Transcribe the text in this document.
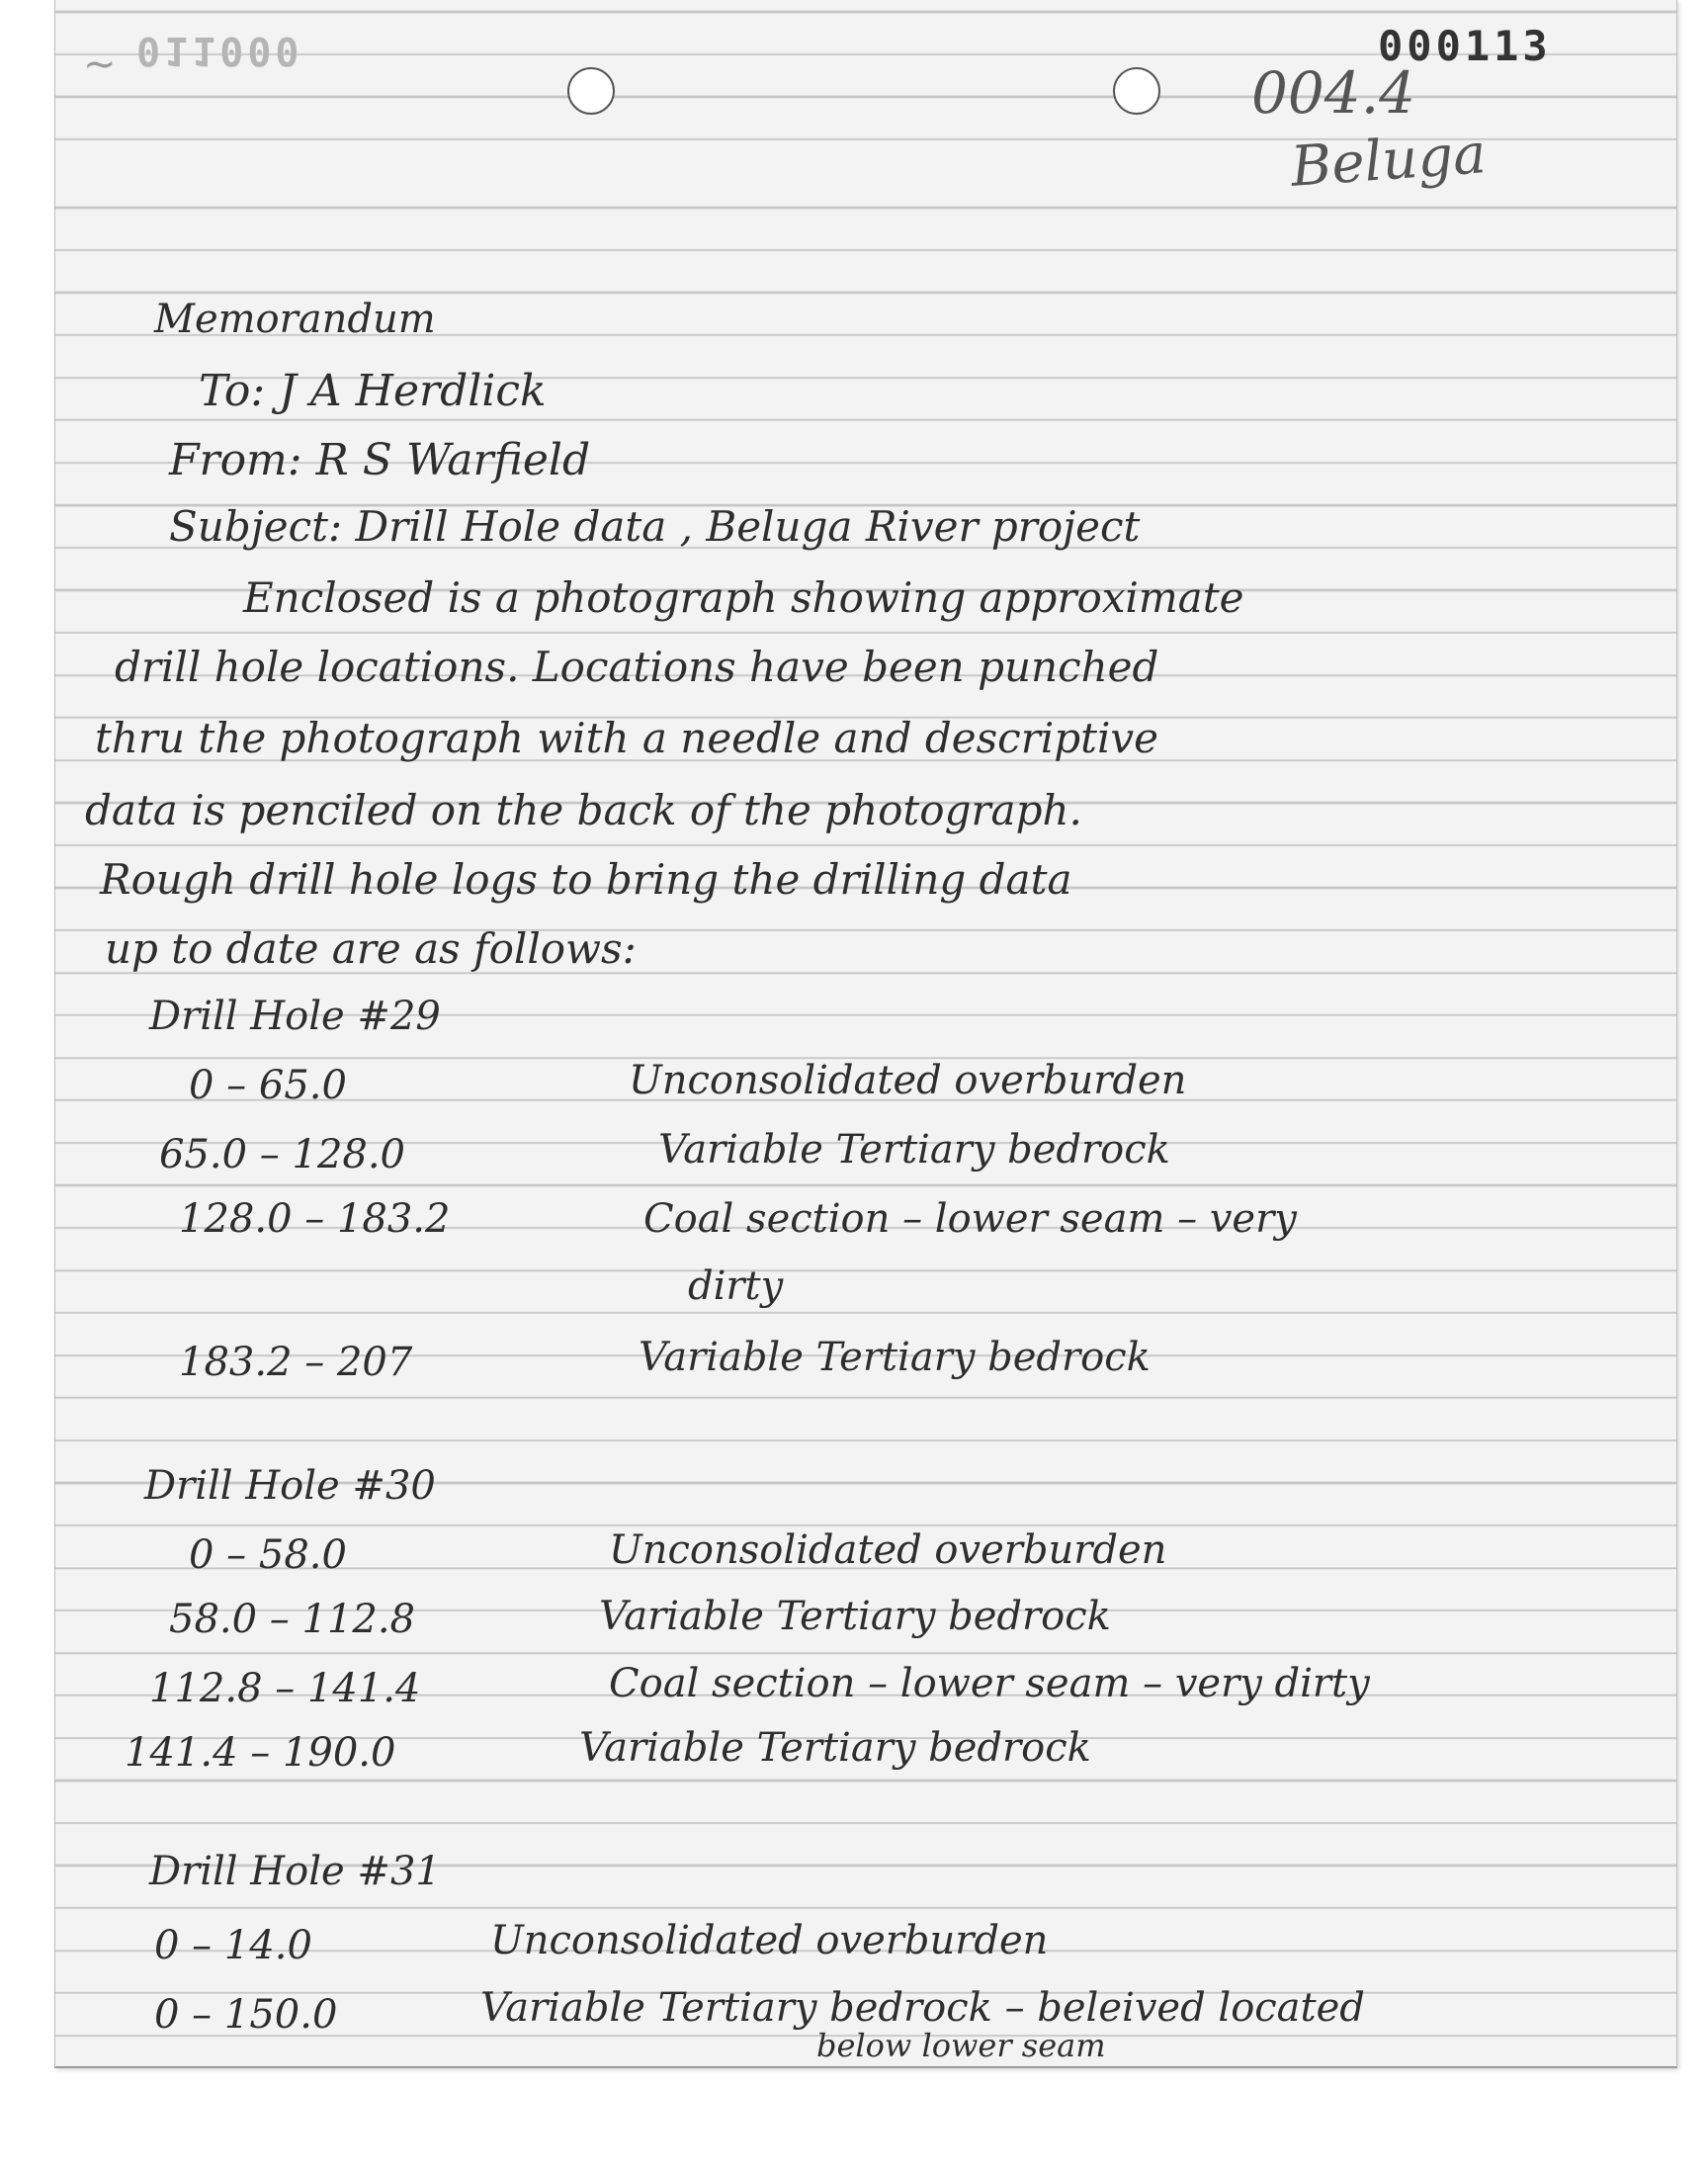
011000
~	000113
004.4
Beluga
Memorandum
To: J A Herdlick
From: R S Warfield
Subject: Drill Hole data , Beluga River project
Enclosed is a photograph showing approximate
drill hole locations. Locations have been punched
thru the photograph with a needle and descriptive
data is penciled on the back of the photograph.
Rough drill hole logs to bring the drilling data
up to date are as follows:
Drill Hole #29
0 – 65.0	Unconsolidated overburden
65.0 – 128.0	Variable Tertiary bedrock
128.0 – 183.2	Coal section – lower seam – very
dirty
183.2 – 207	Variable Tertiary bedrock
Drill Hole #30
0 – 58.0	Unconsolidated overburden
58.0 – 112.8	Variable Tertiary bedrock
112.8 – 141.4	Coal section – lower seam – very dirty
141.4 – 190.0	Variable Tertiary bedrock
Drill Hole #31
0 – 14.0	Unconsolidated overburden
0 – 150.0	Variable Tertiary bedrock – beleived located
below lower seam
